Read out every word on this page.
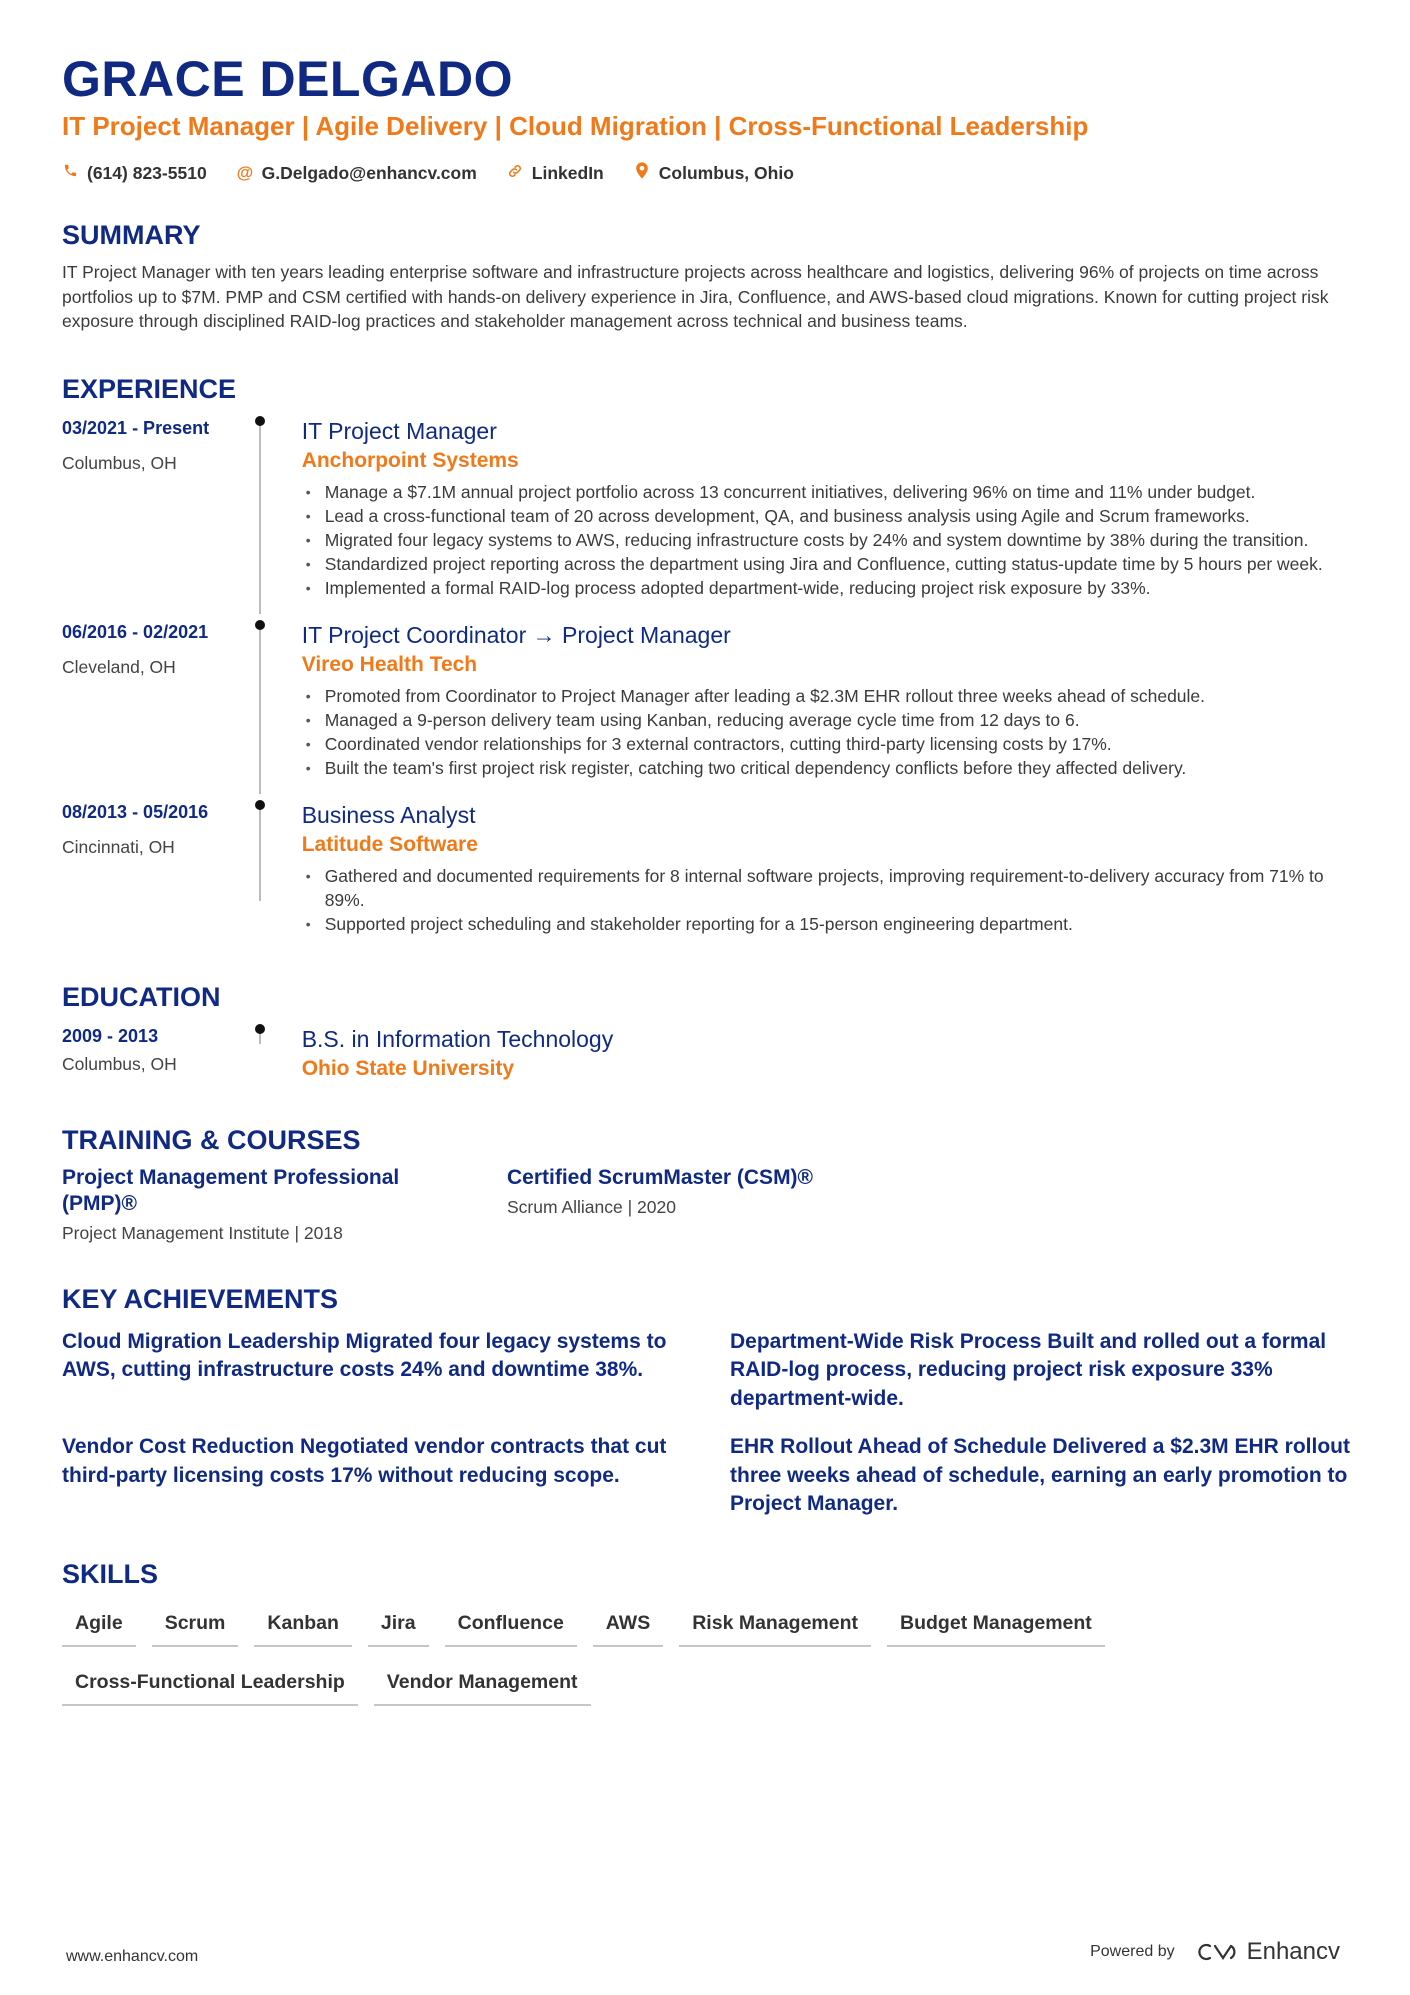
GRACE DELGADO
IT Project Manager | Agile Delivery | Cloud Migration | Cross-Functional Leadership
(614) 823-5510 @ G.Delgado@enhancv.com	LinkedIn	Columbus, Ohio
SUMMARY
IT Project Manager with ten years leading enterprise software and infrastructure projects across healthcare and logistics, delivering 96% of projects on time across portfolios up to $7M. PMP and CSM certified with hands-on delivery experience in Jira, Confluence, and AWS-based cloud migrations. Known for cutting project risk exposure through disciplined RAID-log practices and stakeholder management across technical and business teams.
EXPERIENCE
03/2021 - Present
Columbus, OH
IT Project Manager
Anchorpoint Systems
• Manage a $7.1M annual project portfolio across 13 concurrent initiatives, delivering 96% on time and 11% under budget.
• Lead a cross-functional team of 20 across development, QA, and business analysis using Agile and Scrum frameworks.
• Migrated four legacy systems to AWS, reducing infrastructure costs by 24% and system downtime by 38% during the transition.
• Standardized project reporting across the department using Jira and Confluence, cutting status-update time by 5 hours per week.
• Implemented a formal RAID-log process adopted department-wide, reducing project risk exposure by 33%.
06/2016 - 02/2021
Cleveland, OH
IT Project Coordinator → Project Manager
Vireo Health Tech
• Promoted from Coordinator to Project Manager after leading a $2.3M EHR rollout three weeks ahead of schedule.
• Managed a 9-person delivery team using Kanban, reducing average cycle time from 12 days to 6.
• Coordinated vendor relationships for 3 external contractors, cutting third-party licensing costs by 17%.
• Built the team's first project risk register, catching two critical dependency conflicts before they affected delivery.
08/2013 - 05/2016
Cincinnati, OH
Business Analyst
Latitude Software
• Gathered and documented requirements for 8 internal software projects, improving requirement-to-delivery accuracy from 71% to 89%.
• Supported project scheduling and stakeholder reporting for a 15-person engineering department.
EDUCATION
2009 - 2013
Columbus, OH
B.S. in Information Technology
Ohio State University
TRAINING & COURSES
Project Management Professional (PMP)®
Project Management Institute | 2018
Certified ScrumMaster (CSM)®
Scrum Alliance | 2020
KEY ACHIEVEMENTS
Cloud Migration Leadership Migrated four legacy systems to AWS, cutting infrastructure costs 24% and downtime 38%.
Department-Wide Risk Process Built and rolled out a formal RAID-log process, reducing project risk exposure 33% department-wide.
Vendor Cost Reduction Negotiated vendor contracts that cut third-party licensing costs 17% without reducing scope.
EHR Rollout Ahead of Schedule Delivered a $2.3M EHR rollout three weeks ahead of schedule, earning an early promotion to Project Manager.
SKILLS
Agile	Scrum	Kanban	Jira	Confluence	AWS	Risk Management	Budget Management
Cross-Functional Leadership	Vendor Management
www.enhancv.com	Powered by	Enhancv
